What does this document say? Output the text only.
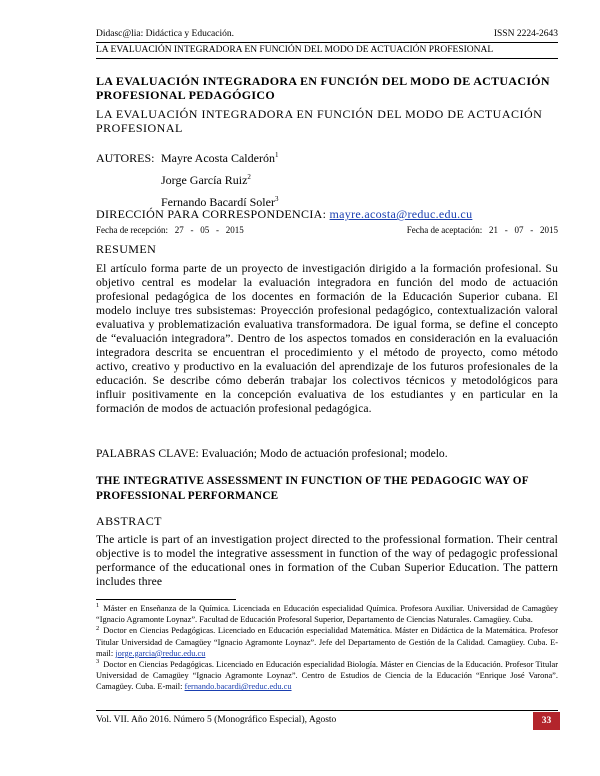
Didasc@lia: Didáctica y Educación.	ISSN 2224-2643
LA EVALUACIÓN INTEGRADORA EN FUNCIÓN DEL MODO DE ACTUACIÓN PROFESIONAL
LA EVALUACIÓN INTEGRADORA EN FUNCIÓN DEL MODO DE ACTUACIÓN PROFESIONAL PEDAGÓGICO
LA EVALUACIÓN INTEGRADORA EN FUNCIÓN DEL MODO DE ACTUACIÓN PROFESIONAL
AUTORES: Mayre Acosta Calderón$^1$
Jorge García Ruiz$^2$
Fernando Bacardí Soler$^3$
DIRECCIÓN PARA CORRESPONDENCIA: mayre.acosta@reduc.edu.cu
Fecha de recepción:   27   -   05   -   2015	Fecha de aceptación:   21   -   07   -   2015
RESUMEN
El artículo forma parte de un proyecto de investigación dirigido a la formación profesional. Su objetivo central es modelar la evaluación integradora en función del modo de actuación profesional pedagógica de los docentes en formación de la Educación Superior cubana. El modelo incluye tres subsistemas: Proyección profesional pedagógico, contextualización valoral evaluativa y problematización evaluativa transformadora. De igual forma, se define el concepto de “evaluación integradora”. Dentro de los aspectos tomados en consideración en la evaluación integradora descrita se encuentran el procedimiento y el método de proyecto, como método activo, creativo y productivo en la evaluación del aprendizaje de los futuros profesionales de la educación. Se describe cómo deberán trabajar los colectivos técnicos y metodológicos para influir positivamente en la concepción evaluativa de los estudiantes y en particular en la formación de modos de actuación profesional pedagógica.
PALABRAS CLAVE: Evaluación; Modo de actuación profesional; modelo.
THE INTEGRATIVE ASSESSMENT IN FUNCTION OF THE PEDAGOGIC WAY OF PROFESSIONAL PERFORMANCE
ABSTRACT
The article is part of an investigation project directed to the professional formation. Their central objective is to model the integrative assessment in function of the way of pedagogic professional performance of the educational ones in formation of the Cuban Superior Education. The pattern includes three

$^1$ Máster en Enseñanza de la Química. Licenciada en Educación especialidad Química. Profesora Auxiliar. Universidad de Camagüey “Ignacio Agramonte Loynaz”. Facultad de Educación Profesoral Superior, Departamento de Ciencias Naturales. Camagüey. Cuba.

$^2$ Doctor en Ciencias Pedagógicas. Licenciado en Educación especialidad Matemática. Máster en Didáctica de la Matemática. Profesor Titular Universidad de Camagüey “Ignacio Agramonte Loynaz”. Jefe del Departamento de Gestión de la Calidad. Camagüey. Cuba. E-mail: jorge.garcia@reduc.edu.cu

$^3$ Doctor en Ciencias Pedagógicas. Licenciado en Educación especialidad Biología. Máster en Ciencias de la Educación. Profesor Titular Universidad de Camagüey “Ignacio Agramonte Loynaz”. Centro de Estudios de Ciencia de la Educación “Enrique José Varona”. Camagüey. Cuba. E-mail: fernando.bacardi@reduc.edu.cu

Vol. VII. Año 2016. Número 5 (Monográfico Especial), Agosto	33
